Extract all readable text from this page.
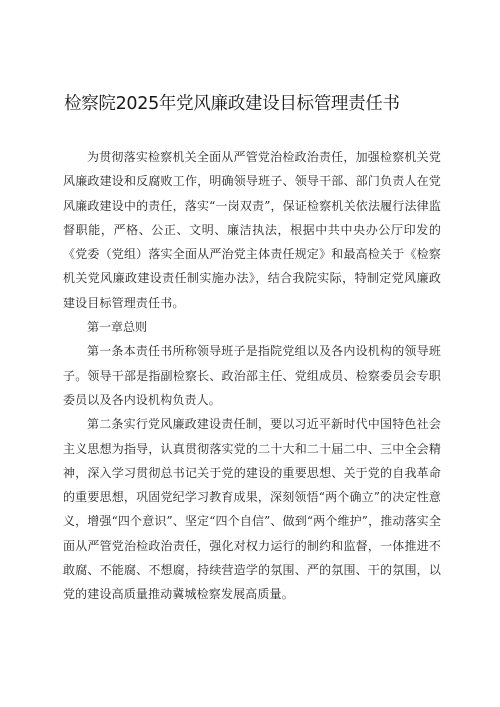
检察院2025年党风廉政建设目标管理责任书

为贯彻落实检察机关全面从严管党治检政治责任，加强检察机关党风廉政建设和反腐败工作，明确领导班子、领导干部、部门负责人在党风廉政建设中的责任，落实“一岗双责”，保证检察机关依法履行法律监督职能，严格、公正、文明、廉洁执法，根据中共中央办公厅印发的《党委（党组）落实全面从严治党主体责任规定》和最高检关于《检察机关党风廉政建设责任制实施办法》，结合我院实际，特制定党风廉政建设目标管理责任书。

第一章总则

第一条本责任书所称领导班子是指院党组以及各内设机构的领导班子。领导干部是指副检察长、政治部主任、党组成员、检察委员会专职委员以及各内设机构负责人。

第二条实行党风廉政建设责任制，要以习近平新时代中国特色社会主义思想为指导，认真贯彻落实党的二十大和二十届二中、三中全会精神，深入学习贯彻总书记关于党的建设的重要思想、关于党的自我革命的重要思想，巩固党纪学习教育成果，深刻领悟“两个确立”的决定性意义，增强“四个意识”、坚定“四个自信”、做到“两个维护”，推动落实全面从严管党治检政治责任，强化对权力运行的制约和监督，一体推进不敢腐、不能腐、不想腐，持续营造学的氛围、严的氛围、干的氛围，以党的建设高质量推动冀城检察发展高质量。
